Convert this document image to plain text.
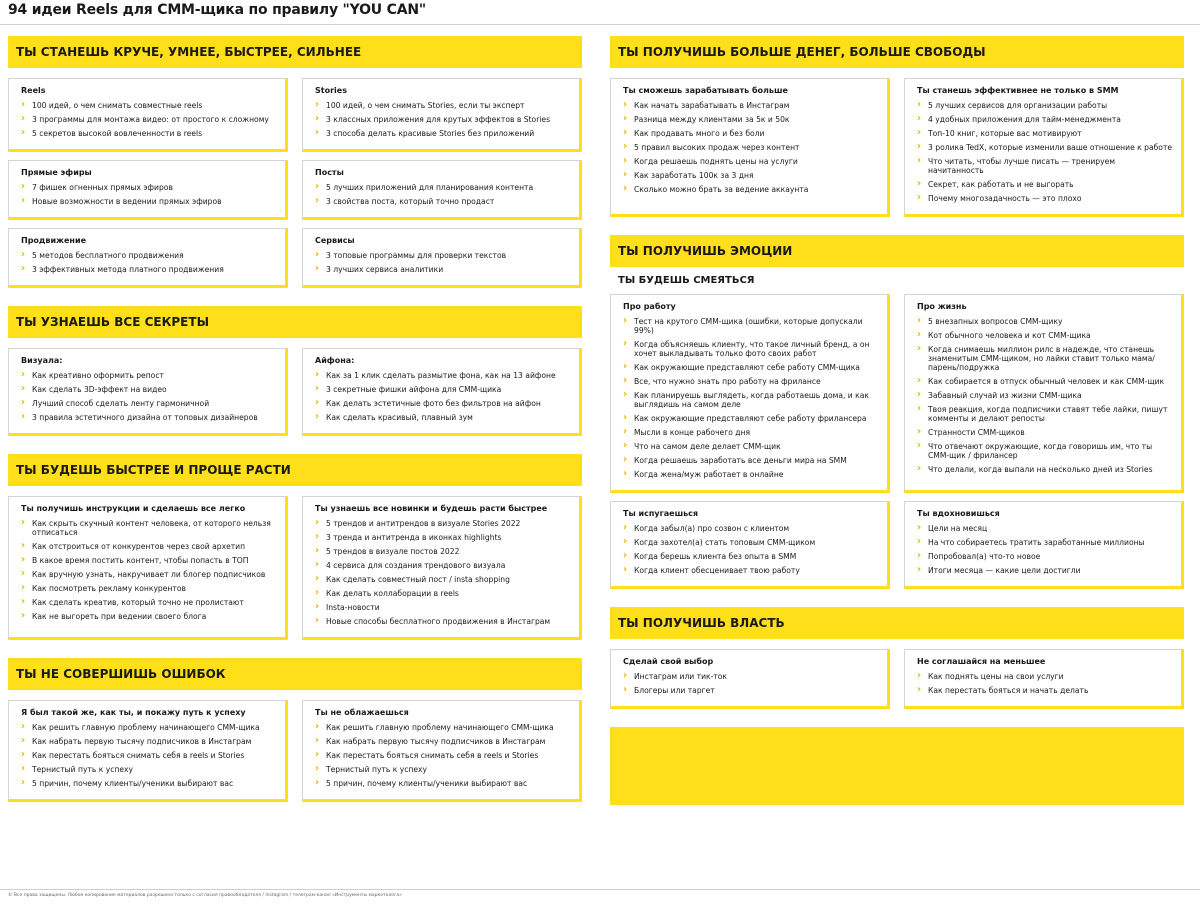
94 идеи Reels для СММ-щика по правилу "YOU CAN"
ТЫ СТАНЕШЬ КРУЧЕ, УМНЕЕ, БЫСТРЕЕ, СИЛЬНЕЕ
Reels
› 100 идей, о чем снимать совместные reels
› 3 программы для монтажа видео: от простого к сложному
› 5 секретов высокой вовлеченности в reels
Stories
› 100 идей, о чем снимать Stories, если ты эксперт
› 3 классных приложения для крутых эффектов в Stories
› 3 способа делать красивые Stories без приложений
Прямые эфиры
› 7 фишек огненных прямых эфиров
› Новые возможности в ведении прямых эфиров
Посты
› 5 лучших приложений для планирования контента
› 3 свойства поста, который точно продаст
Продвижение
› 5 методов бесплатного продвижения
› 3 эффективных метода платного продвижения
Сервисы
› 3 топовые программы для проверки текстов
› 3 лучших сервиса аналитики
ТЫ УЗНАЕШЬ ВСЕ СЕКРЕТЫ
Визуала:
› Как креативно оформить репост
› Как сделать 3D-эффект на видео
› Лучший способ сделать ленту гармоничной
› 3 правила эстетичного дизайна от топовых дизайнеров
Айфона:
› Как за 1 клик сделать размытие фона, как на 13 айфоне
› 3 секретные фишки айфона для СММ-щика
› Как делать эстетичные фото без фильтров на айфон
› Как сделать красивый, плавный зум
ТЫ БУДЕШЬ БЫСТРЕЕ И ПРОЩЕ РАСТИ
Ты получишь инструкции и сделаешь все легко
› Как скрыть скучный контент человека, от которого нельзя отписаться
› Как отстроиться от конкурентов через свой архетип
› В какое время постить контент, чтобы попасть в ТОП
› Как вручную узнать, накручивает ли блогер подписчиков
› Как посмотреть рекламу конкурентов
› Как сделать креатив, который точно не пролистают
› Как не выгореть при ведении своего блога
Ты узнаешь все новинки и будешь расти быстрее
› 5 трендов и антитрендов в визуале Stories 2022
› 3 тренда и антитренда в иконках highlights
› 5 трендов в визуале постов 2022
› 4 сервиса для создания трендового визуала
› Как сделать совместный пост / insta shopping
› Как делать коллаборации в reels
› Insta-новости
› Новые способы бесплатного продвижения в Инстаграм
ТЫ НЕ СОВЕРШИШЬ ОШИБОК
Я был такой же, как ты, и покажу путь к успеху
› Как решить главную проблему начинающего СММ-щика
› Как набрать первую тысячу подписчиков в Инстаграм
› Как перестать бояться снимать себя в reels и Stories
› Тернистый путь к успеху
› 5 причин, почему клиенты/ученики выбирают вас
Ты не облажаешься
› Как решить главную проблему начинающего СММ-щика
› Как набрать первую тысячу подписчиков в Инстаграм
› Как перестать бояться снимать себя в reels и Stories
› Тернистый путь к успеху
› 5 причин, почему клиенты/ученики выбирают вас
ТЫ ПОЛУЧИШЬ БОЛЬШЕ ДЕНЕГ, БОЛЬШЕ СВОБОДЫ
Ты сможешь зарабатывать больше
› Как начать зарабатывать в Инстаграм
› Разница между клиентами за 5к и 50к
› Как продавать много и без боли
› 5 правил высоких продаж через контент
› Когда решаешь поднять цены на услуги
› Как заработать 100к за 3 дня
› Сколько можно брать за ведение аккаунта
Ты станешь эффективнее не только в SMM
› 5 лучших сервисов для организации работы
› 4 удобных приложения для тайм-менеджмента
› Топ-10 книг, которые вас мотивируют
› 3 ролика TedX, которые изменили ваше отношение к работе
› Что читать, чтобы лучше писать — тренируем начитанность
› Секрет, как работать и не выгорать
› Почему многозадачность — это плохо
ТЫ ПОЛУЧИШЬ ЭМОЦИИ
ТЫ БУДЕШЬ СМЕЯТЬСЯ
Про работу
› Тест на крутого СММ-щика (ошибки, которые допускали 99%)
› Когда объясняешь клиенту, что такое личный бренд, а он хочет выкладывать только фото своих работ
› Как окружающие представляют себе работу СММ-щика
› Все, что нужно знать про работу на фрилансе
› Как планируешь выглядеть, когда работаешь дома, и как выглядишь на самом деле
› Как окружающие представляют себе работу фрилансера
› Мысли в конце рабочего дня
› Что на самом деле делает СММ-щик
› Когда решаешь заработать все деньги мира на SMM
› Когда жена/муж работает в онлайне
Про жизнь
› 5 внезапных вопросов СММ-щику
› Кот обычного человека и кот СММ-щика
› Когда снимаешь миллион рилс в надежде, что станешь знаменитым СММ-щиком, но лайки ставит только мама/парень/подружка
› Как собирается в отпуск обычный человек и как СММ-щик
› Забавный случай из жизни СММ-щика
› Твоя реакция, когда подписчики ставят тебе лайки, пишут комменты и делают репосты
› Странности СММ-щиков
› Что отвечают окружающие, когда говоришь им, что ты СММ-щик / фрилансер
› Что делали, когда выпали на несколько дней из Stories
Ты испугаешься
› Когда забыл(а) про созвон с клиентом
› Когда захотел(а) стать топовым СММ-щиком
› Когда берешь клиента без опыта в SMM
› Когда клиент обесценивает твою работу
Ты вдохновишься
› Цели на месяц
› На что собираетесь тратить заработанные миллионы
› Попробовал(а) что-то новое
› Итоги месяца — какие цели достигли
ТЫ ПОЛУЧИШЬ ВЛАСТЬ
Сделай свой выбор
› Инстаграм или тик-ток
› Блогеры или таргет
Не соглашайся на меньшее
› Как поднять цены на свои услуги
› Как перестать бояться и начать делать
© Все права защищены. Любое копирование материалов разрешено только с согласия правообладателя / Instagram / телеграм-канал «Инструменты маркетолога»
